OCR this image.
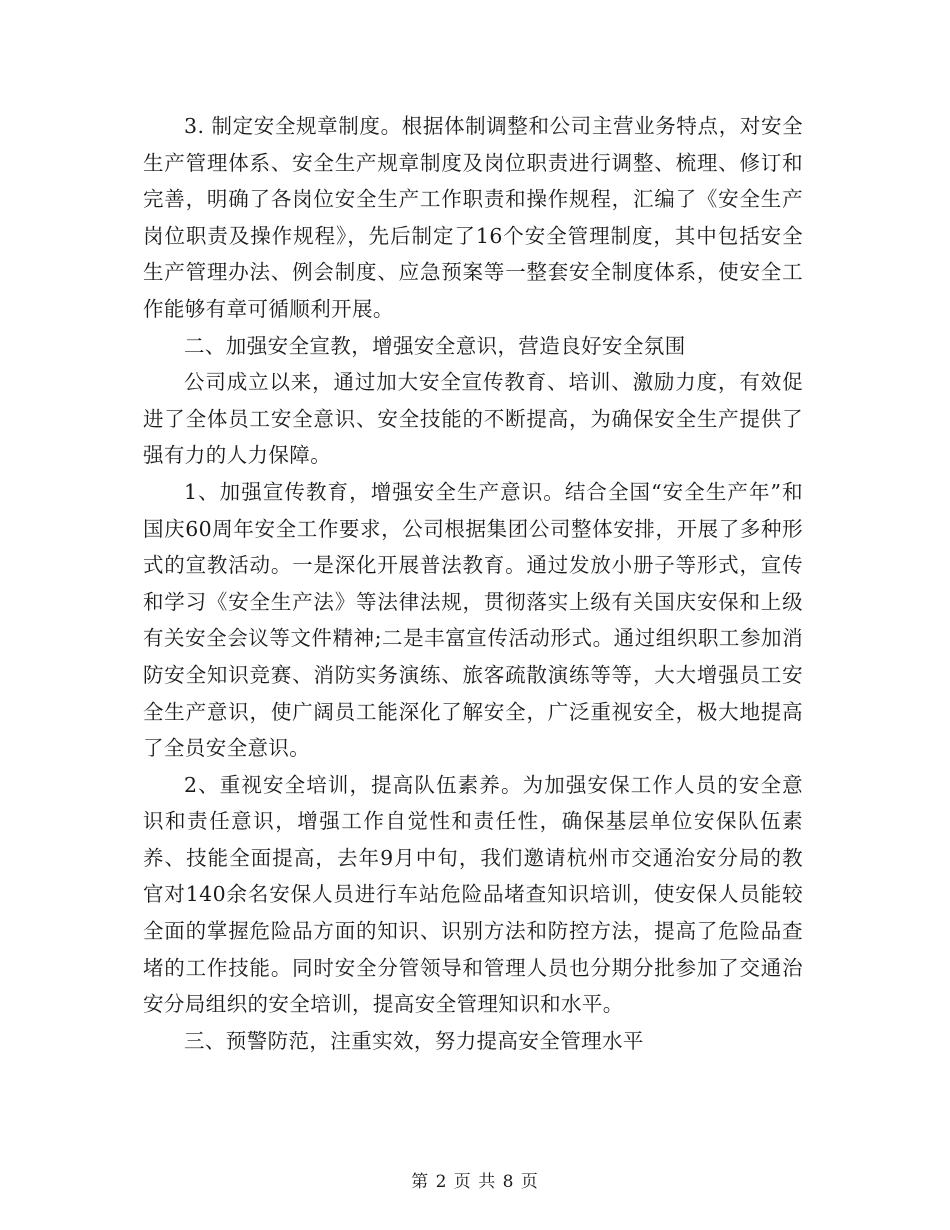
3. 制定安全规章制度。根据体制调整和公司主营业务特点，对安全生产管理体系、安全生产规章制度及岗位职责进行调整、梳理、修订和完善，明确了各岗位安全生产工作职责和操作规程，汇编了《安全生产岗位职责及操作规程》，先后制定了16个安全管理制度，其中包括安全生产管理办法、例会制度、应急预案等一整套安全制度体系，使安全工作能够有章可循顺利开展。

二、加强安全宣教，增强安全意识，营造良好安全氛围

公司成立以来，通过加大安全宣传教育、培训、激励力度，有效促进了全体员工安全意识、安全技能的不断提高，为确保安全生产提供了强有力的人力保障。

1、加强宣传教育，增强安全生产意识。结合全国“安全生产年”和国庆60周年安全工作要求，公司根据集团公司整体安排，开展了多种形式的宣教活动。一是深化开展普法教育。通过发放小册子等形式，宣传和学习《安全生产法》等法律法规，贯彻落实上级有关国庆安保和上级有关安全会议等文件精神;二是丰富宣传活动形式。通过组织职工参加消防安全知识竞赛、消防实务演练、旅客疏散演练等等，大大增强员工安全生产意识，使广阔员工能深化了解安全，广泛重视安全，极大地提高了全员安全意识。

2、重视安全培训，提高队伍素养。为加强安保工作人员的安全意识和责任意识，增强工作自觉性和责任性，确保基层单位安保队伍素养、技能全面提高，去年9月中旬，我们邀请杭州市交通治安分局的教官对140余名安保人员进行车站危险品堵查知识培训，使安保人员能较全面的掌握危险品方面的知识、识别方法和防控方法，提高了危险品查堵的工作技能。同时安全分管领导和管理人员也分期分批参加了交通治安分局组织的安全培训，提高安全管理知识和水平。

三、预警防范，注重实效，努力提高安全管理水平

第 2 页 共 8 页
